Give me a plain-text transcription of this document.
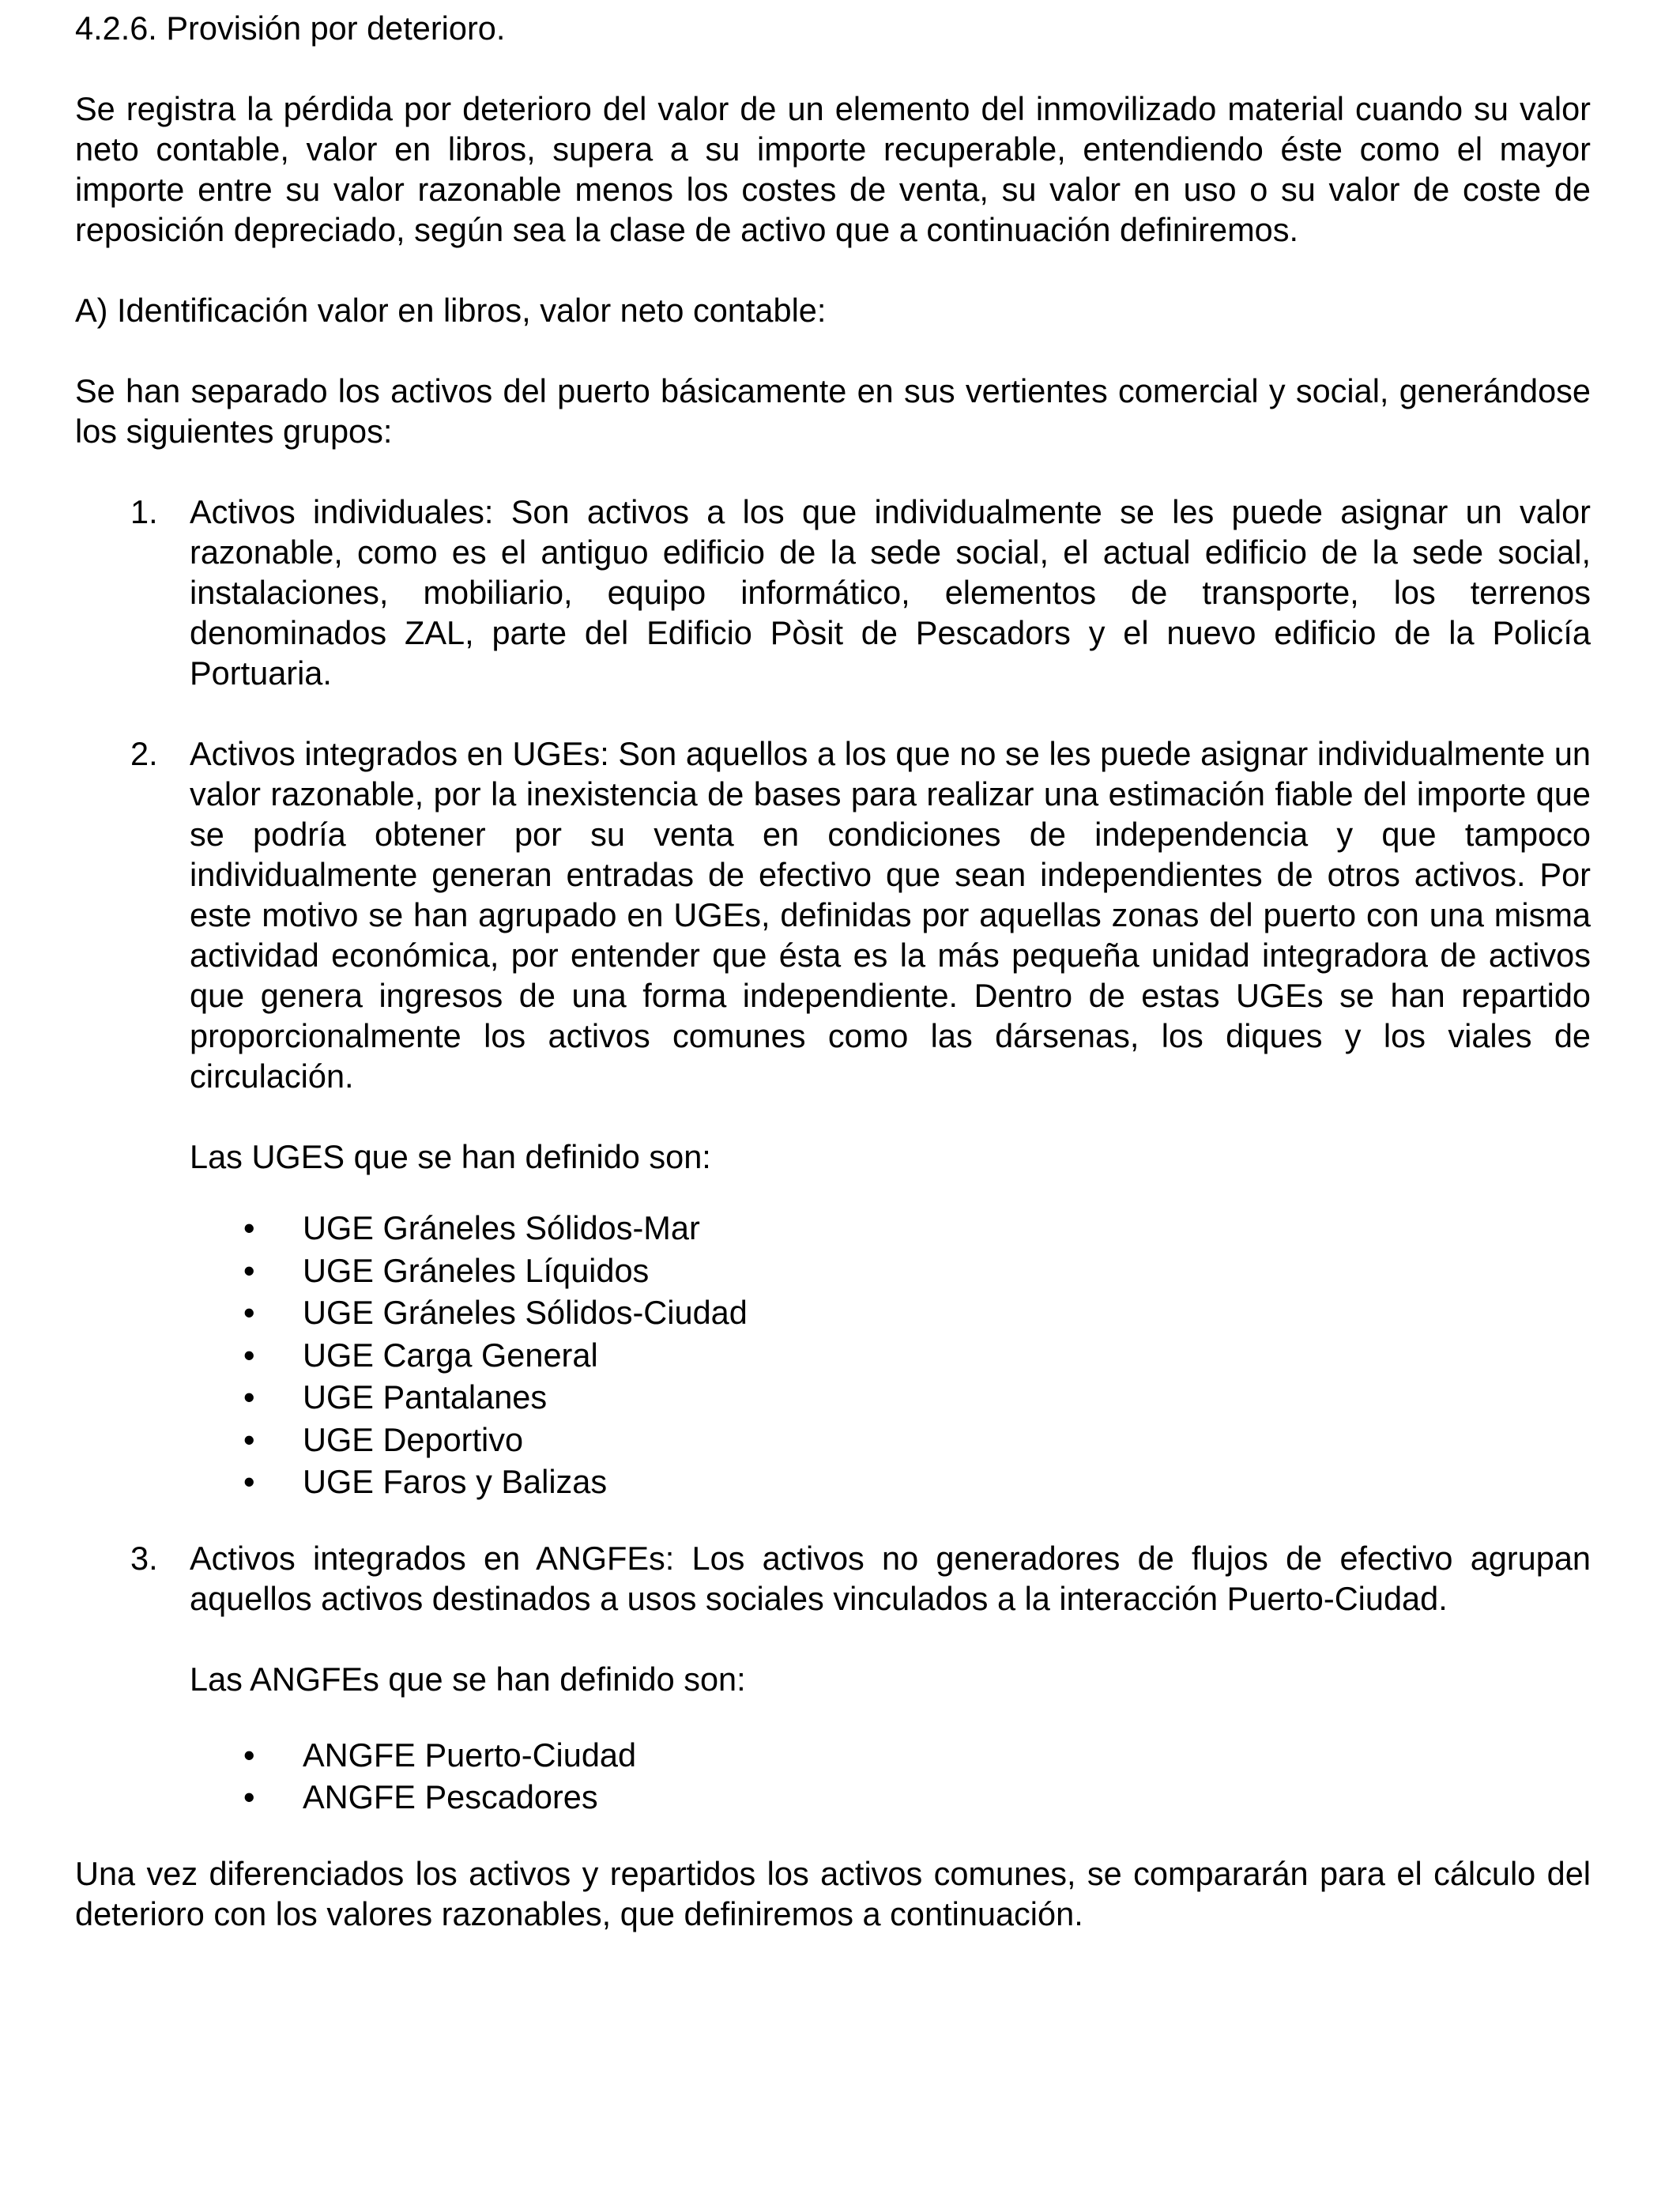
4.2.6. Provisión por deterioro.

Se registra la pérdida por deterioro del valor de un elemento del inmovilizado material cuando su valor neto contable, valor en libros, supera a su importe recuperable, entendiendo éste como el mayor importe entre su valor razonable menos los costes de venta, su valor en uso o su valor de coste de reposición depreciado, según sea la clase de activo que a continuación definiremos.

A) Identificación valor en libros, valor neto contable:

Se han separado los activos del puerto básicamente en sus vertientes comercial y social, generándose los siguientes grupos:

1. Activos individuales: Son activos a los que individualmente se les puede asignar un valor razonable, como es el antiguo edificio de la sede social, el actual edificio de la sede social, instalaciones, mobiliario, equipo informático, elementos de transporte, los terrenos denominados ZAL, parte del Edificio Pòsit de Pescadors y el nuevo edificio de la Policía Portuaria.

2. Activos integrados en UGEs: Son aquellos a los que no se les puede asignar individualmente un valor razonable, por la inexistencia de bases para realizar una estimación fiable del importe que se podría obtener por su venta en condiciones de independencia y que tampoco individualmente generan entradas de efectivo que sean independientes de otros activos. Por este motivo se han agrupado en UGEs, definidas por aquellas zonas del puerto con una misma actividad económica, por entender que ésta es la más pequeña unidad integradora de activos que genera ingresos de una forma independiente. Dentro de estas UGEs se han repartido proporcionalmente los activos comunes como las dársenas, los diques y los viales de circulación.

Las UGES que se han definido son:

• UGE Gráneles Sólidos-Mar
• UGE Gráneles Líquidos
• UGE Gráneles Sólidos-Ciudad
• UGE Carga General
• UGE Pantalanes
• UGE Deportivo
• UGE Faros y Balizas
3. Activos integrados en ANGFEs: Los activos no generadores de flujos de efectivo agrupan aquellos activos destinados a usos sociales vinculados a la interacción Puerto-Ciudad.

Las ANGFEs que se han definido son:

• ANGFE Puerto-Ciudad
• ANGFE Pescadores

Una vez diferenciados los activos y repartidos los activos comunes, se compararán para el cálculo del deterioro con los valores razonables, que definiremos a continuación.
